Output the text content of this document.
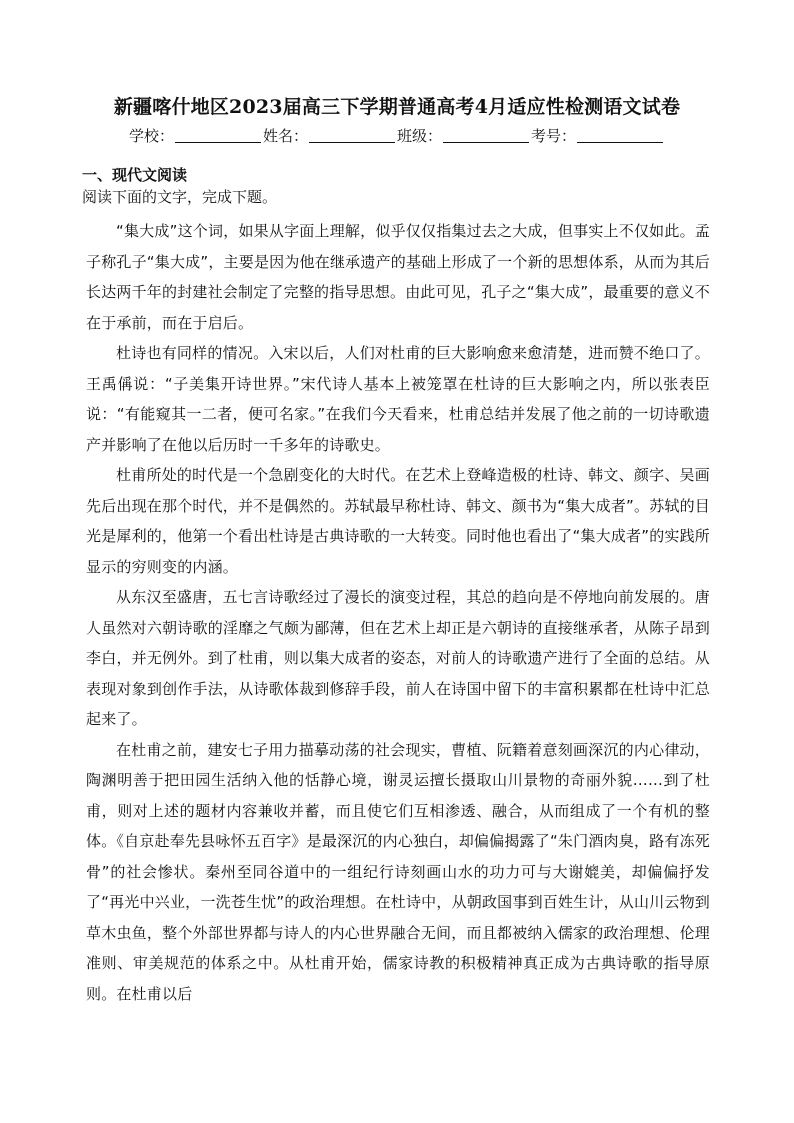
新疆喀什地区2023届高三下学期普通高考4月适应性检测语文试卷
学校：	姓名：	班级：	考号：
一、现代文阅读
阅读下面的文字，完成下题。

“集大成”这个词，如果从字面上理解，似乎仅仅指集过去之大成，但事实上不仅如此。孟子称孔子“集大成”，主要是因为他在继承遗产的基础上形成了一个新的思想体系，从而为其后长达两千年的封建社会制定了完整的指导思想。由此可见，孔子之“集大成”，最重要的意义不在于承前，而在于启后。

杜诗也有同样的情况。入宋以后，人们对杜甫的巨大影响愈来愈清楚，进而赞不绝口了。王禹偁说：“子美集开诗世界。”宋代诗人基本上被笼罩在杜诗的巨大影响之内，所以张表臣说：“有能窥其一二者，便可名家。”在我们今天看来，杜甫总结并发展了他之前的一切诗歌遗产并影响了在他以后历时一千多年的诗歌史。

杜甫所处的时代是一个急剧变化的大时代。在艺术上登峰造极的杜诗、韩文、颜字、吴画先后出现在那个时代，并不是偶然的。苏轼最早称杜诗、韩文、颜书为“集大成者”。苏轼的目光是犀利的，他第一个看出杜诗是古典诗歌的一大转变。同时他也看出了“集大成者”的实践所显示的穷则变的内涵。

从东汉至盛唐，五七言诗歌经过了漫长的演变过程，其总的趋向是不停地向前发展的。唐人虽然对六朝诗歌的淫靡之气颇为鄙薄，但在艺术上却正是六朝诗的直接继承者，从陈子昂到李白，并无例外。到了杜甫，则以集大成者的姿态，对前人的诗歌遗产进行了全面的总结。从表现对象到创作手法，从诗歌体裁到修辞手段，前人在诗国中留下的丰富积累都在杜诗中汇总起来了。

在杜甫之前，建安七子用力描摹动荡的社会现实，曹植、阮籍着意刻画深沉的内心律动，陶渊明善于把田园生活纳入他的恬静心境，谢灵运擅长摄取山川景物的奇丽外貌……到了杜甫，则对上述的题材内容兼收并蓄，而且使它们互相渗透、融合，从而组成了一个有机的整体。《自京赴奉先县咏怀五百字》是最深沉的内心独白，却偏偏揭露了“朱门酒肉臭，路有冻死骨”的社会惨状。秦州至同谷道中的一组纪行诗刻画山水的功力可与大谢媲美，却偏偏抒发了“再光中兴业，一洗苍生忧”的政治理想。在杜诗中，从朝政国事到百姓生计，从山川云物到草木虫鱼，整个外部世界都与诗人的内心世界融合无间，而且都被纳入儒家的政治理想、伦理准则、审美规范的体系之中。从杜甫开始，儒家诗教的积极精神真正成为古典诗歌的指导原则。在杜甫以后
